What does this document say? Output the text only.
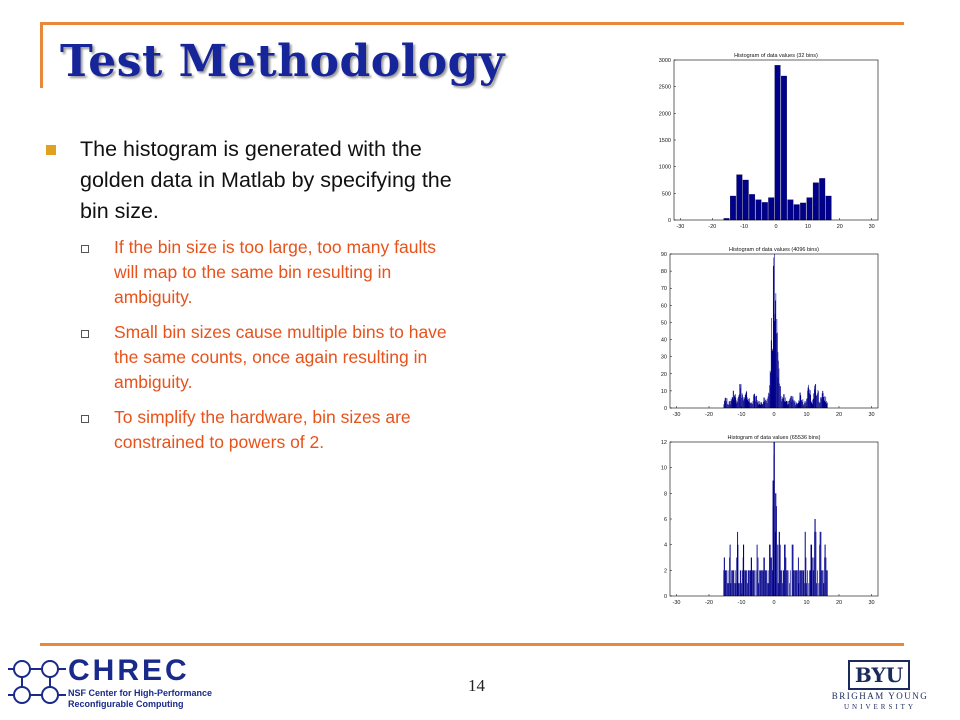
Test Methodology
The histogram is generated with the golden data in Matlab by specifying the bin size.
If the bin size is too large, too many faults will map to the same bin resulting in ambiguity.
Small bin sizes cause multiple bins to have the same counts, once again resulting in ambiguity.
To simplify the hardware, bin sizes are constrained to powers of 2.
Histogram of data values (32 bins)
-30	-20	-10	0	10	20	30
0
500
1000
1500
2000
2500
3000
Histogram of data values (4096 bins)
-30	-20	-10	0	10	20	30
0
10
20
30
40
50
60
70
80
90
Histogram of data values (65536 bins)
-30	-20	-10	0	10	20	30
0
2
4
6
8
10
12
14
CHREC
NSF Center for High-Performance
Reconfigurable Computing
BYU
BRIGHAM YOUNG
UNIVERSITY
